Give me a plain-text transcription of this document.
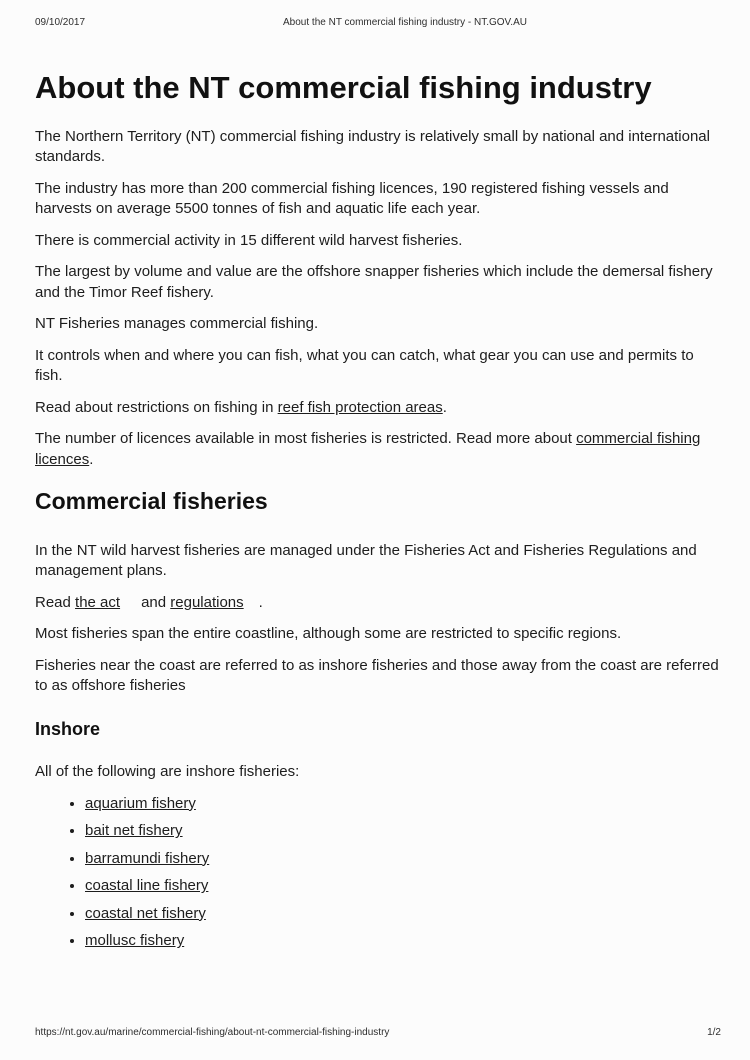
09/10/2017	About the NT commercial fishing industry - NT.GOV.AU
About the NT commercial fishing industry

The Northern Territory (NT) commercial fishing industry is relatively small by national and international standards.

The industry has more than 200 commercial fishing licences, 190 registered fishing vessels and harvests on average 5500 tonnes of fish and aquatic life each year.

There is commercial activity in 15 different wild harvest fisheries.

The largest by volume and value are the offshore snapper fisheries which include the demersal fishery and the Timor Reef fishery.

NT Fisheries manages commercial fishing.

It controls when and where you can fish, what you can catch, what gear you can use and permits to fish.

Read about restrictions on fishing in reef fish protection areas.

The number of licences available in most fisheries is restricted. Read more about commercial fishing licences.

Commercial fisheries

In the NT wild harvest fisheries are managed under the Fisheries Act and Fisheries Regulations and management plans.

Read the act and regulations .

Most fisheries span the entire coastline, although some are restricted to specific regions.

Fisheries near the coast are referred to as inshore fisheries and those away from the coast are referred to as offshore fisheries

Inshore

All of the following are inshore fisheries:

• aquarium fishery
• bait net fishery
• barramundi fishery
• coastal line fishery
• coastal net fishery
• mollusc fishery
https://nt.gov.au/marine/commercial-fishing/about-nt-commercial-fishing-industry	1/2
